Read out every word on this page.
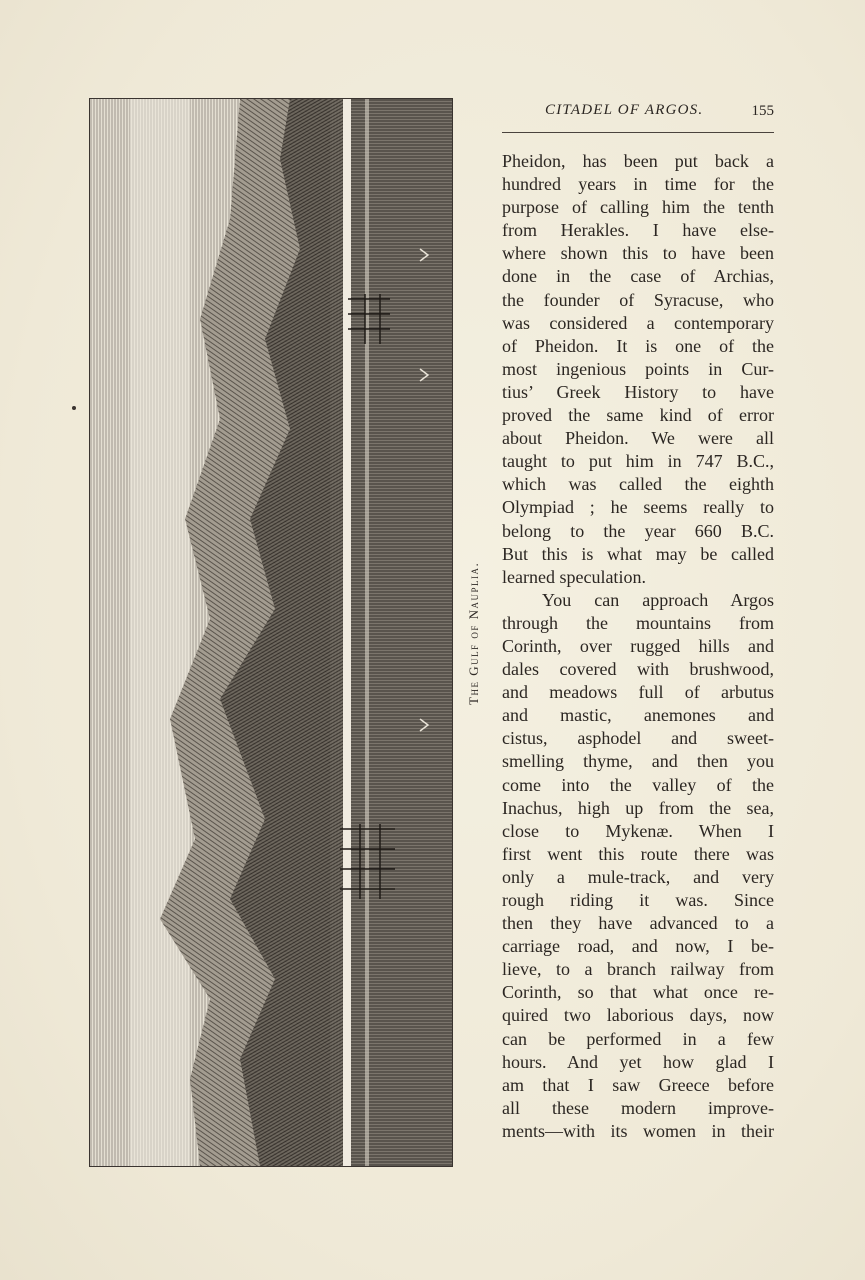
The Gulf of Nauplia.
CITADEL OF ARGOS.	155
Pheidon, has been put back a
hundred years in time for the
purpose of calling him the tenth
from Herakles. I have else-
where shown this to have been
done in the case of Archias,
the founder of Syracuse, who
was considered a contemporary
of Pheidon. It is one of the
most ingenious points in Cur-
tius’ Greek History to have
proved the same kind of error
about Pheidon. We were all
taught to put him in 747 B.C.,
which was called the eighth
Olympiad ; he seems really to
belong to the year 660 B.C.
But this is what may be called
learned speculation.
You can approach Argos
through the mountains from
Corinth, over rugged hills and
dales covered with brushwood,
and meadows full of arbutus
and mastic, anemones and
cistus, asphodel and sweet-
smelling thyme, and then you
come into the valley of the
Inachus, high up from the sea,
close to Mykenæ. When I
first went this route there was
only a mule-track, and very
rough riding it was. Since
then they have advanced to a
carriage road, and now, I be-
lieve, to a branch railway from
Corinth, so that what once re-
quired two laborious days, now
can be performed in a few
hours. And yet how glad I
am that I saw Greece before
all these modern improve-
ments—with its women in their
